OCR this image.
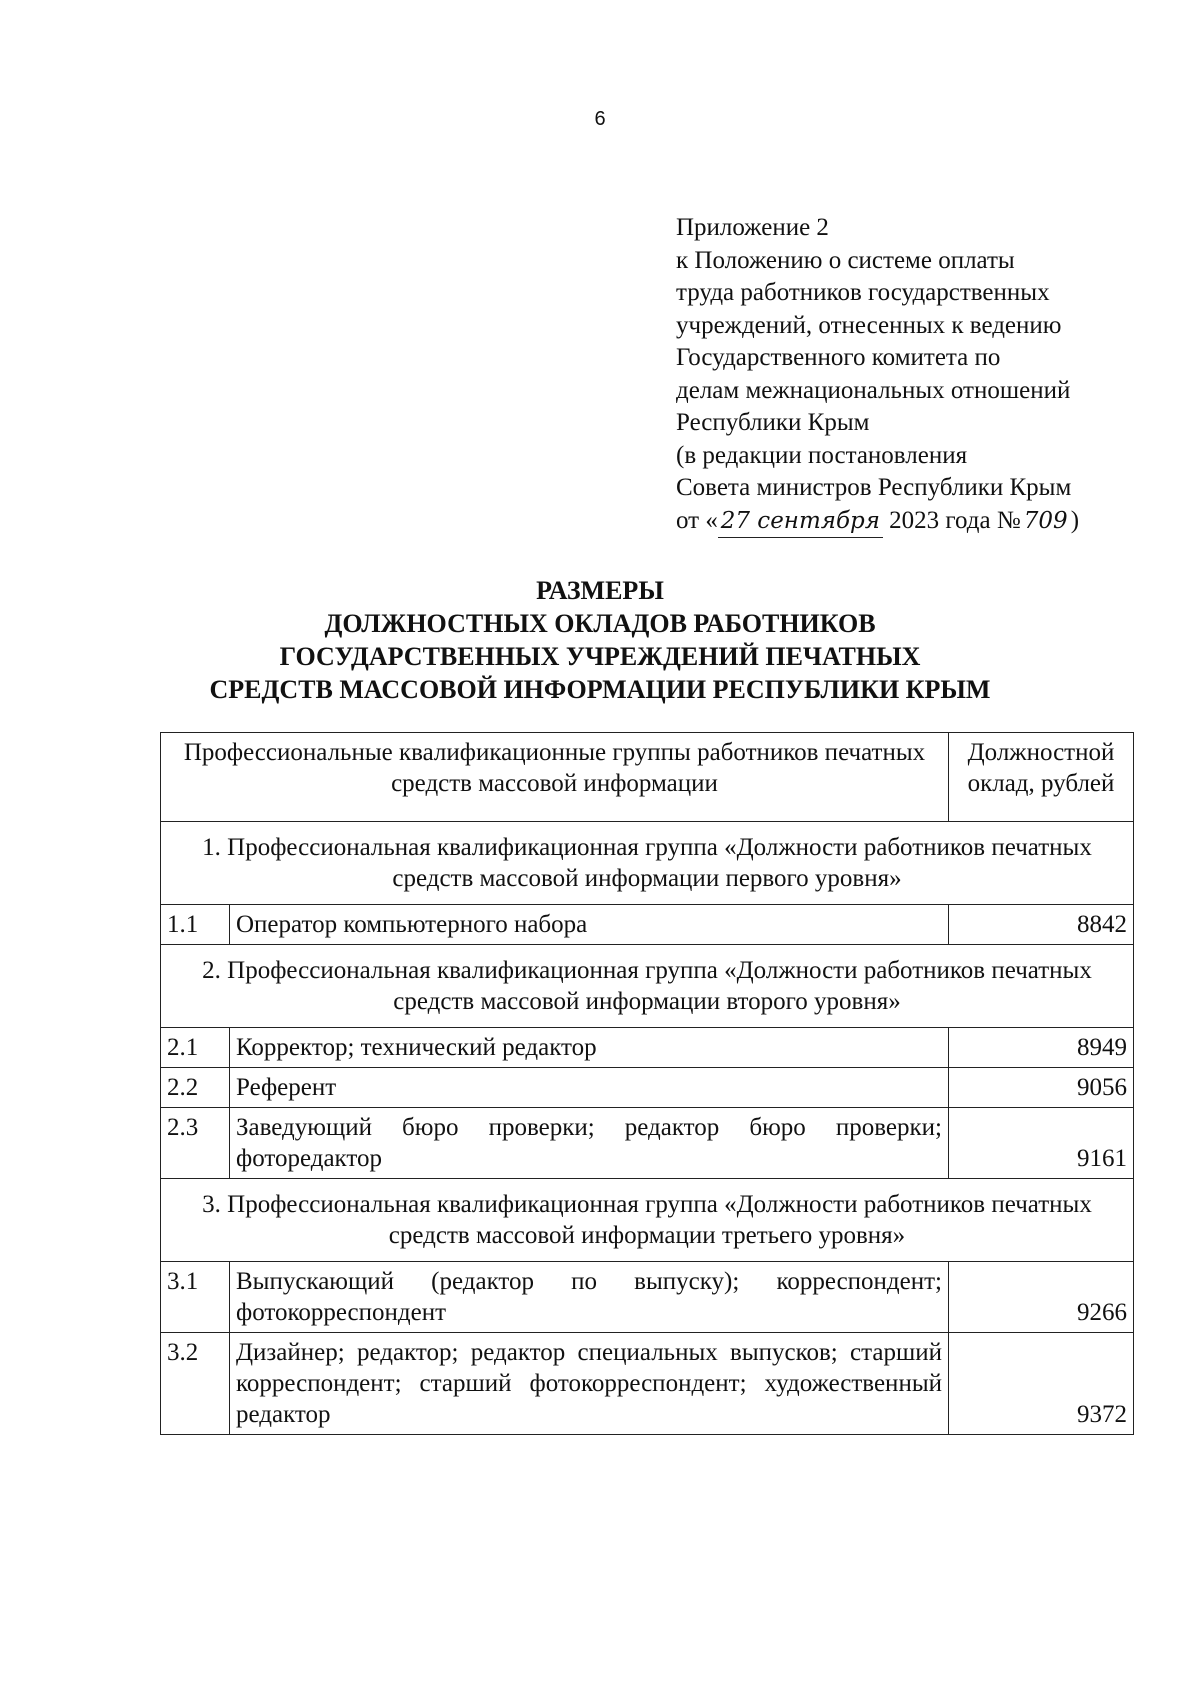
6
Приложение 2
к Положению о системе оплаты
труда работников государственных
учреждений, отнесенных к ведению
Государственного комитета по
делам межнациональных отношений
Республики Крым
(в редакции постановления
Совета министров Республики Крым
от « 27 сентября 2023 года № 709 )
РАЗМЕРЫ
ДОЛЖНОСТНЫХ ОКЛАДОВ РАБОТНИКОВ
ГОСУДАРСТВЕННЫХ УЧРЕЖДЕНИЙ ПЕЧАТНЫХ
СРЕДСТВ МАССОВОЙ ИНФОРМАЦИИ РЕСПУБЛИКИ КРЫМ
Профессиональные квалификационные группы работников печатных средств массовой информации		Должностной оклад, рублей
1. Профессиональная квалификационная группа «Должности работников печатных средств массовой информации первого уровня»		
1.1	Оператор компьютерного набора	8842
2. Профессиональная квалификационная группа «Должности работников печатных средств массовой информации второго уровня»		
2.1	Корректор; технический редактор	8949
2.2	Референт	9056
2.3	Заведующий бюро проверки; редактор бюро проверки; фоторедактор	9161
3. Профессиональная квалификационная группа «Должности работников печатных средств массовой информации третьего уровня»		
3.1	Выпускающий (редактор по выпуску); корреспондент; фотокорреспондент	9266
3.2	Дизайнер; редактор; редактор специальных выпусков; старший корреспондент; старший фотокорреспондент; художественный редактор	9372
